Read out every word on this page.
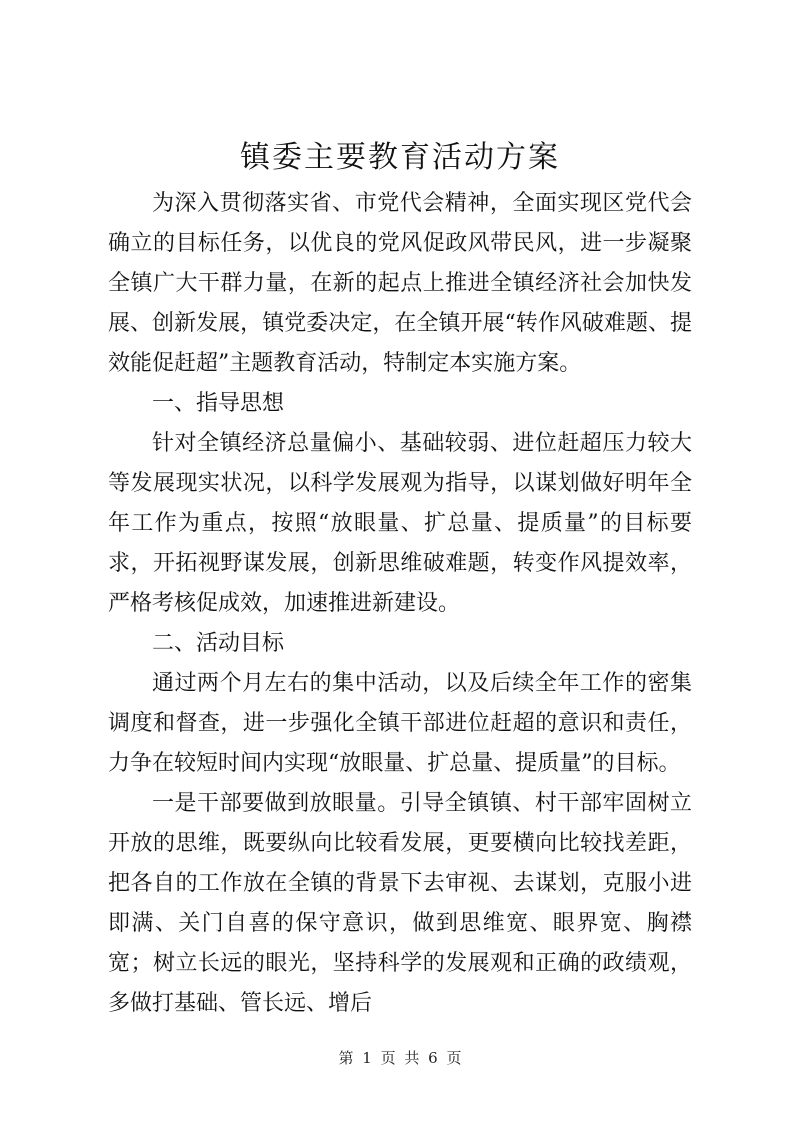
镇委主要教育活动方案

为深入贯彻落实省、市党代会精神，全面实现区党代会确立的目标任务，以优良的党风促政风带民风，进一步凝聚全镇广大干群力量，在新的起点上推进全镇经济社会加快发展、创新发展，镇党委决定，在全镇开展“转作风破难题、提效能促赶超”主题教育活动，特制定本实施方案。

一、指导思想

针对全镇经济总量偏小、基础较弱、进位赶超压力较大等发展现实状况，以科学发展观为指导，以谋划做好明年全年工作为重点，按照“放眼量、扩总量、提质量”的目标要求，开拓视野谋发展，创新思维破难题，转变作风提效率，严格考核促成效，加速推进新建设。

二、活动目标

通过两个月左右的集中活动，以及后续全年工作的密集调度和督查，进一步强化全镇干部进位赶超的意识和责任，力争在较短时间内实现“放眼量、扩总量、提质量”的目标。

一是干部要做到放眼量。引导全镇镇、村干部牢固树立开放的思维，既要纵向比较看发展，更要横向比较找差距，把各自的工作放在全镇的背景下去审视、去谋划，克服小进即满、关门自喜的保守意识，做到思维宽、眼界宽、胸襟宽；树立长远的眼光，坚持科学的发展观和正确的政绩观，多做打基础、管长远、增后

第 1 页 共 6 页
